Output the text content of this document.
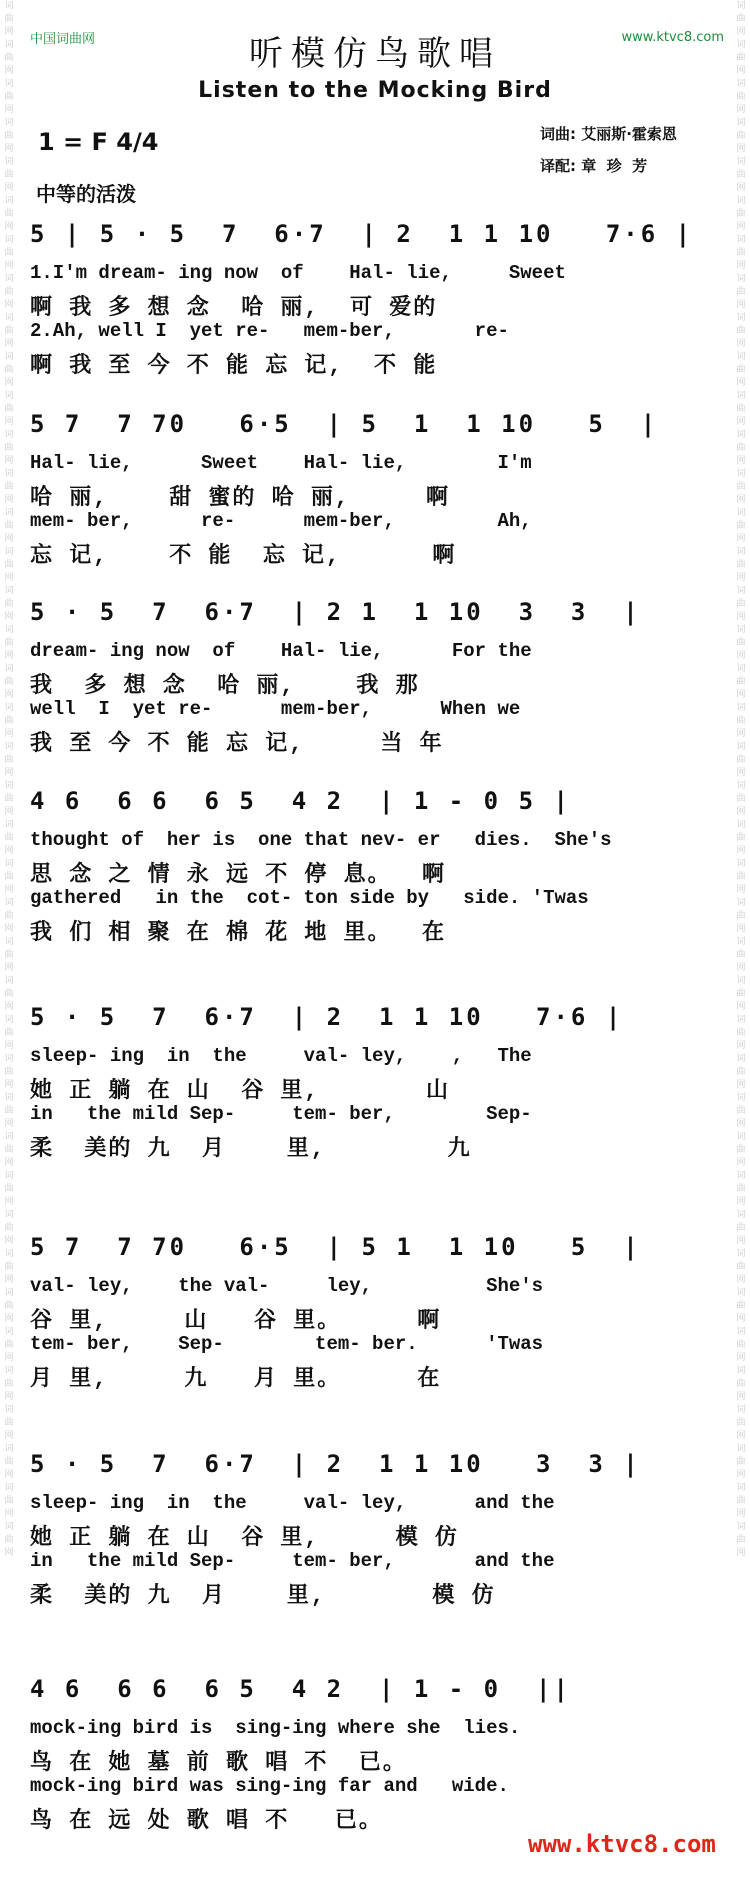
词曲网词曲网词曲网词曲网词曲网词曲网词曲网词曲网词曲网词曲网词曲网词曲网词曲网词曲网词曲网词曲网词曲网词曲网词曲网词曲网词曲网词曲网词曲网词曲网词曲网词曲网词曲网词曲网词曲网词曲网词曲网词曲网词曲网词曲网词曲网词曲网词曲网词曲网词曲网词曲网
词曲网词曲网词曲网词曲网词曲网词曲网词曲网词曲网词曲网词曲网词曲网词曲网词曲网词曲网词曲网词曲网词曲网词曲网词曲网词曲网词曲网词曲网词曲网词曲网词曲网词曲网词曲网词曲网词曲网词曲网词曲网词曲网词曲网词曲网词曲网词曲网词曲网词曲网词曲网词曲网
中国词曲网	www.ktvc8.com
听模仿鸟歌唱
Listen to the Mocking Bird
1 = F 4/4	词曲: 艾丽斯·霍索恩
译配: 章  珍  芳
中等的活泼
5 | 5 · 5  7  6·7  | 2  1 1 10   7·6 |
1.I'm dream- ing now  of    Hal- lie,     Sweet
啊 我 多 想 念  哈 丽,  可 爱的
2.Ah, well I  yet re-   mem-ber,       re-
啊 我 至 今 不 能 忘 记,  不 能
5 7  7 70   6·5  | 5  1  1 10   5  |
Hal- lie,      Sweet    Hal- lie,        I'm
哈 丽,    甜 蜜的 哈 丽,     啊
mem- ber,      re-      mem-ber,         Ah,
忘 记,    不 能  忘 记,      啊
5 · 5  7  6·7  | 2 1  1 10  3  3  |
dream- ing now  of    Hal- lie,      For the
我  多 想 念  哈 丽,    我 那
well  I  yet re-      mem-ber,      When we
我 至 今 不 能 忘 记,     当 年
4 6  6 6  6 5  4 2  | 1 - 0 5 |
thought of  her is  one that nev- er   dies.  She's
思 念 之 情 永 远 不 停 息。  啊
gathered   in the  cot- ton side by   side. 'Twas
我 们 相 聚 在 棉 花 地 里。  在
5 · 5  7  6·7  | 2  1 1 10   7·6 |
sleep- ing  in  the     val- ley,    ,   The
她 正 躺 在 山  谷 里,       山
in   the mild Sep-     tem- ber,        Sep-
柔  美的 九  月    里,        九
5 7  7 70   6·5  | 5 1  1 10   5  |
val- ley,    the val-     ley,          She's
谷 里,     山   谷 里。     啊
tem- ber,    Sep-        tem- ber.      'Twas
月 里,     九   月 里。     在
5 · 5  7  6·7  | 2  1 1 10   3  3 |
sleep- ing  in  the     val- ley,      and the
她 正 躺 在 山  谷 里,     模 仿
in   the mild Sep-     tem- ber,       and the
柔  美的 九  月    里,       模 仿
4 6  6 6  6 5  4 2  | 1 - 0  ||
mock-ing bird is  sing-ing where she  lies.
鸟 在 她 墓 前 歌 唱 不  已。
mock-ing bird was sing-ing far and   wide.
鸟 在 远 处 歌 唱 不   已。
www.ktvc8.com
